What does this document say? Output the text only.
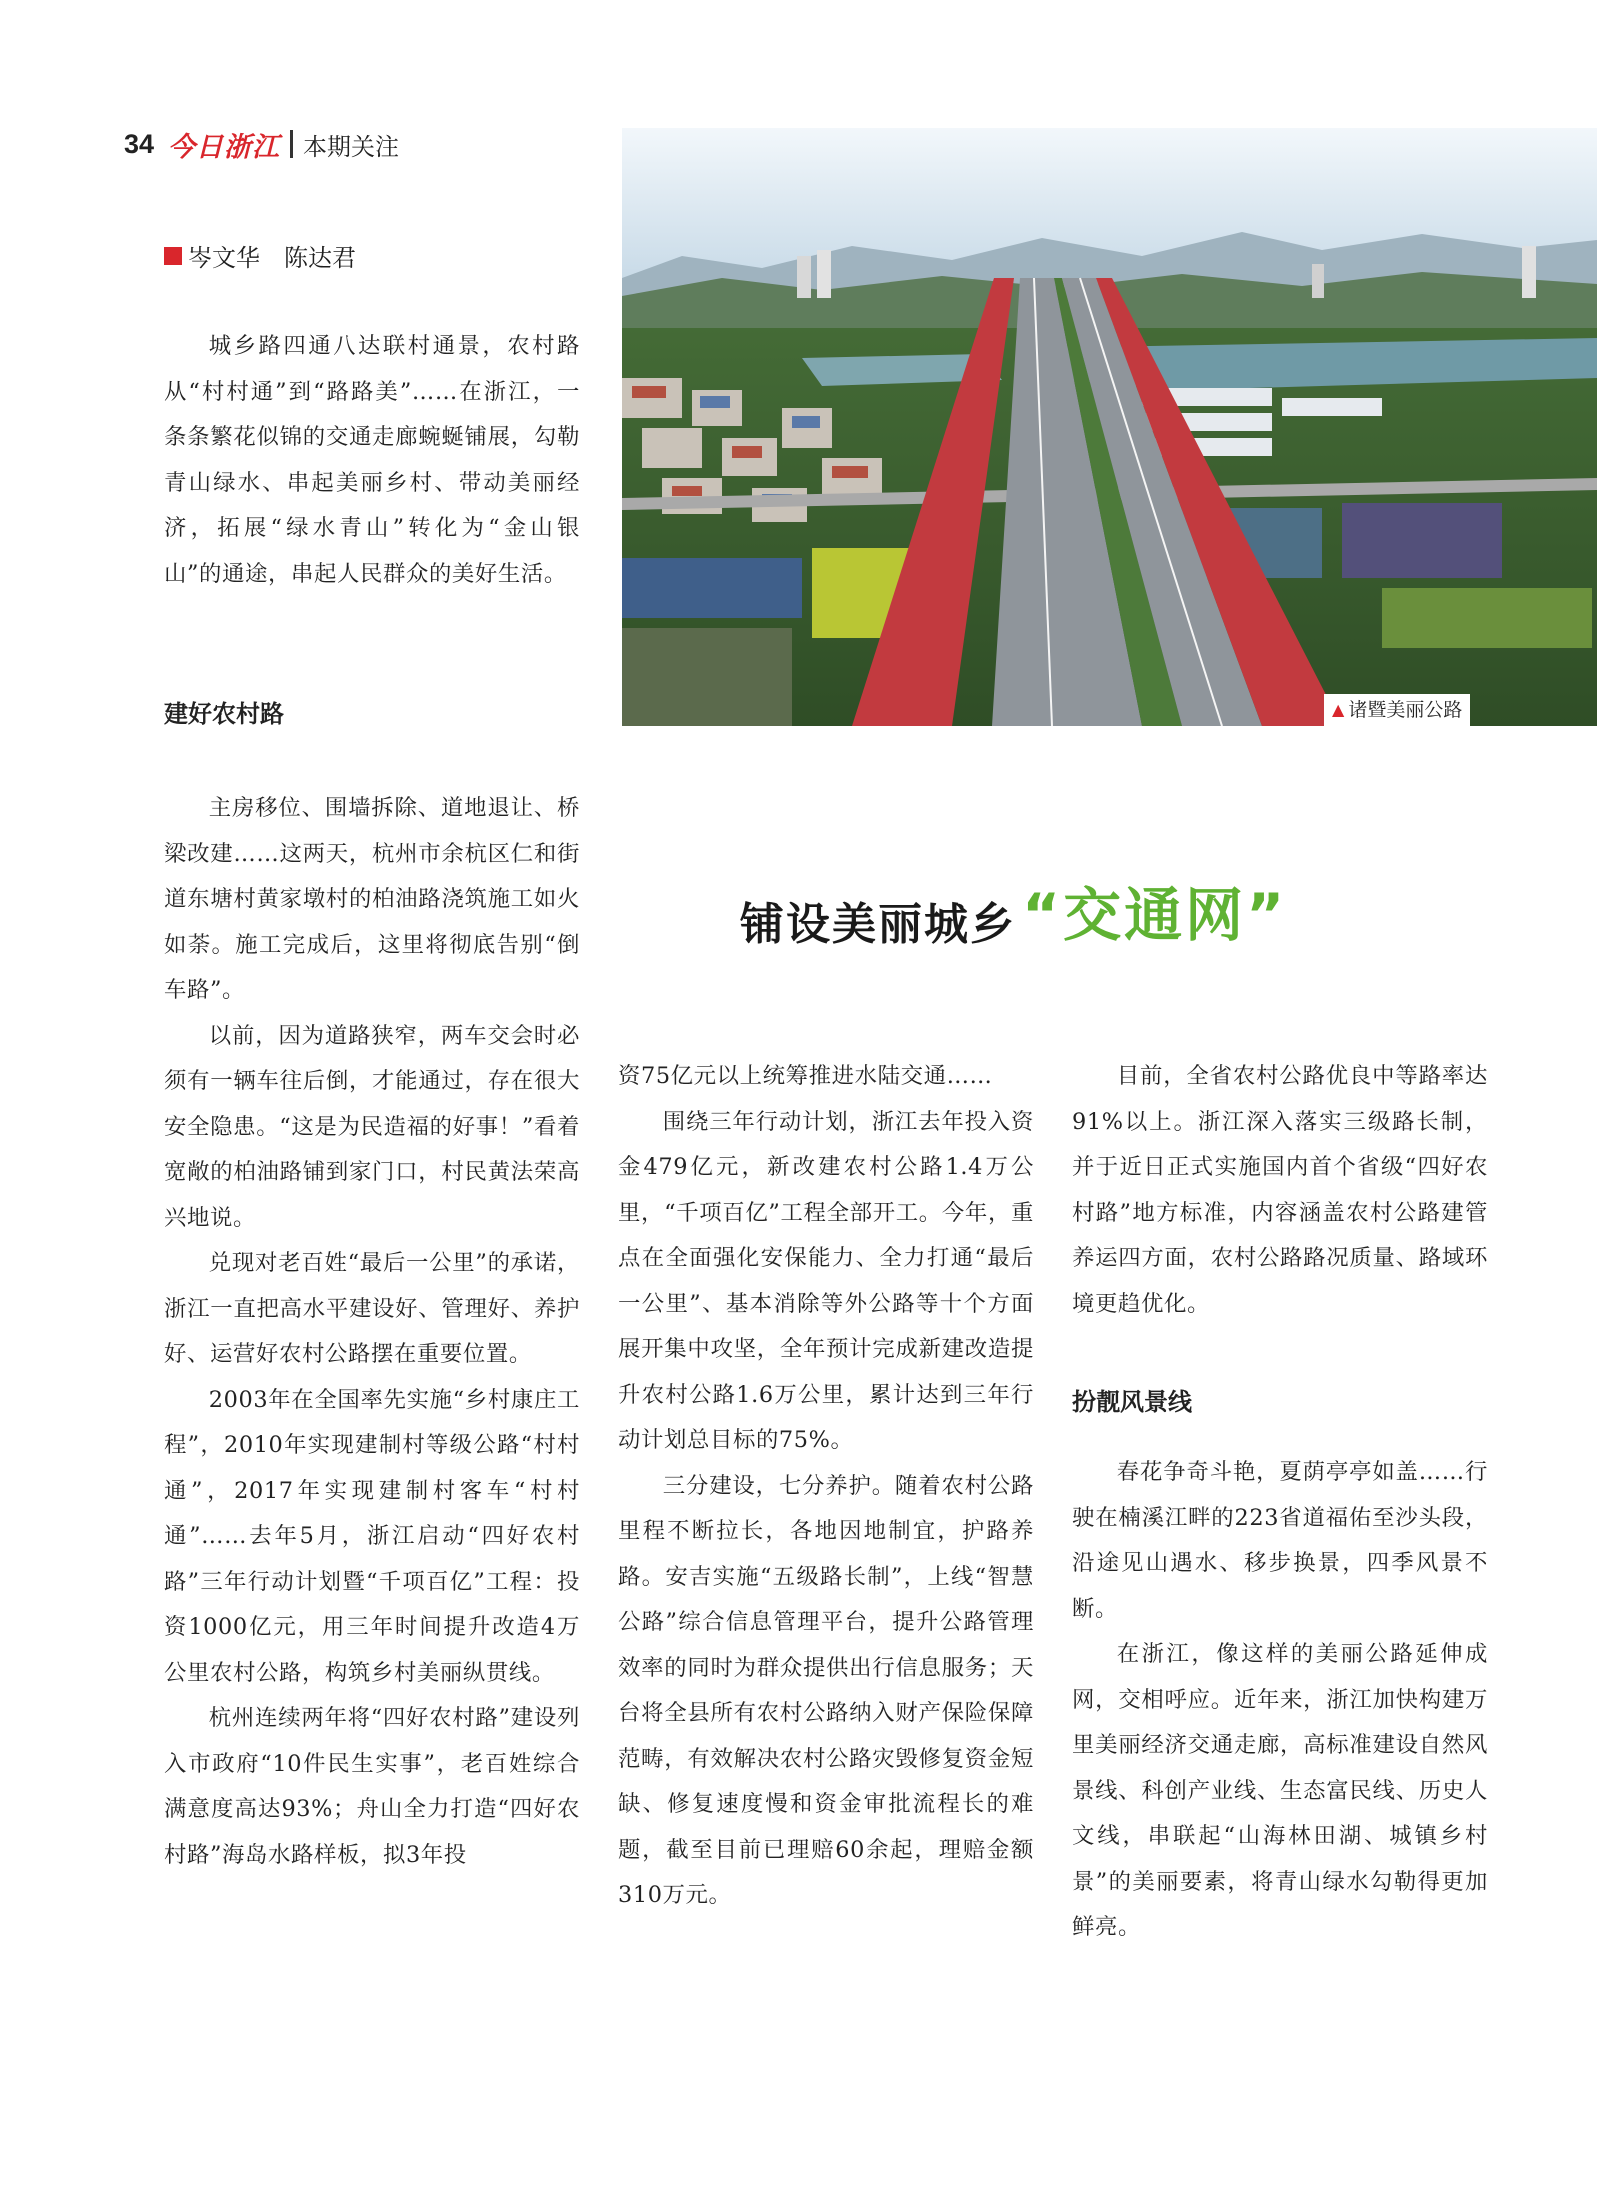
34 今日浙江 本期关注
岑文华　陈达君

城乡路四通八达联村通景，农村路从“村村通”到“路路美”……在浙江，一条条繁花似锦的交通走廊蜿蜒铺展，勾勒青山绿水、串起美丽乡村、带动美丽经济，拓展“绿水青山”转化为“金山银山”的通途，串起人民群众的美好生活。

建好农村路

主房移位、围墙拆除、道地退让、桥梁改建……这两天，杭州市余杭区仁和街道东塘村黄家墩村的柏油路浇筑施工如火如荼。施工完成后，这里将彻底告别“倒车路”。

以前，因为道路狭窄，两车交会时必须有一辆车往后倒，才能通过，存在很大安全隐患。“这是为民造福的好事！”看着宽敞的柏油路铺到家门口，村民黄法荣高兴地说。

兑现对老百姓“最后一公里”的承诺，浙江一直把高水平建设好、管理好、养护好、运营好农村公路摆在重要位置。

2003年在全国率先实施“乡村康庄工程”，2010年实现建制村等级公路“村村通”，2017年实现建制村客车“村村通”……去年5月，浙江启动“四好农村路”三年行动计划暨“千项百亿”工程：投资1000亿元，用三年时间提升改造4万公里农村公路，构筑乡村美丽纵贯线。

杭州连续两年将“四好农村路”建设列入市政府“10件民生实事”，老百姓综合满意度高达93%；舟山全力打造“四好农村路”海岛水路样板，拟3年投

▲ 诸暨美丽公路
铺设美丽城乡 “交通网”

资75亿元以上统筹推进水陆交通……

围绕三年行动计划，浙江去年投入资金479亿元，新改建农村公路1.4万公里，“千项百亿”工程全部开工。今年，重点在全面强化安保能力、全力打通“最后一公里”、基本消除等外公路等十个方面展开集中攻坚，全年预计完成新建改造提升农村公路1.6万公里，累计达到三年行动计划总目标的75%。

三分建设，七分养护。随着农村公路里程不断拉长，各地因地制宜，护路养路。安吉实施“五级路长制”，上线“智慧公路”综合信息管理平台，提升公路管理效率的同时为群众提供出行信息服务；天台将全县所有农村公路纳入财产保险保障范畴，有效解决农村公路灾毁修复资金短缺、修复速度慢和资金审批流程长的难题，截至目前已理赔60余起，理赔金额310万元。

目前，全省农村公路优良中等路率达91%以上。浙江深入落实三级路长制，并于近日正式实施国内首个省级“四好农村路”地方标准，内容涵盖农村公路建管养运四方面，农村公路路况质量、路域环境更趋优化。

扮靓风景线

春花争奇斗艳，夏荫亭亭如盖……行驶在楠溪江畔的223省道福佑至沙头段，沿途见山遇水、移步换景，四季风景不断。

在浙江，像这样的美丽公路延伸成网，交相呼应。近年来，浙江加快构建万里美丽经济交通走廊，高标准建设自然风景线、科创产业线、生态富民线、历史人文线，串联起“山海林田湖、城镇乡村景”的美丽要素，将青山绿水勾勒得更加鲜亮。
